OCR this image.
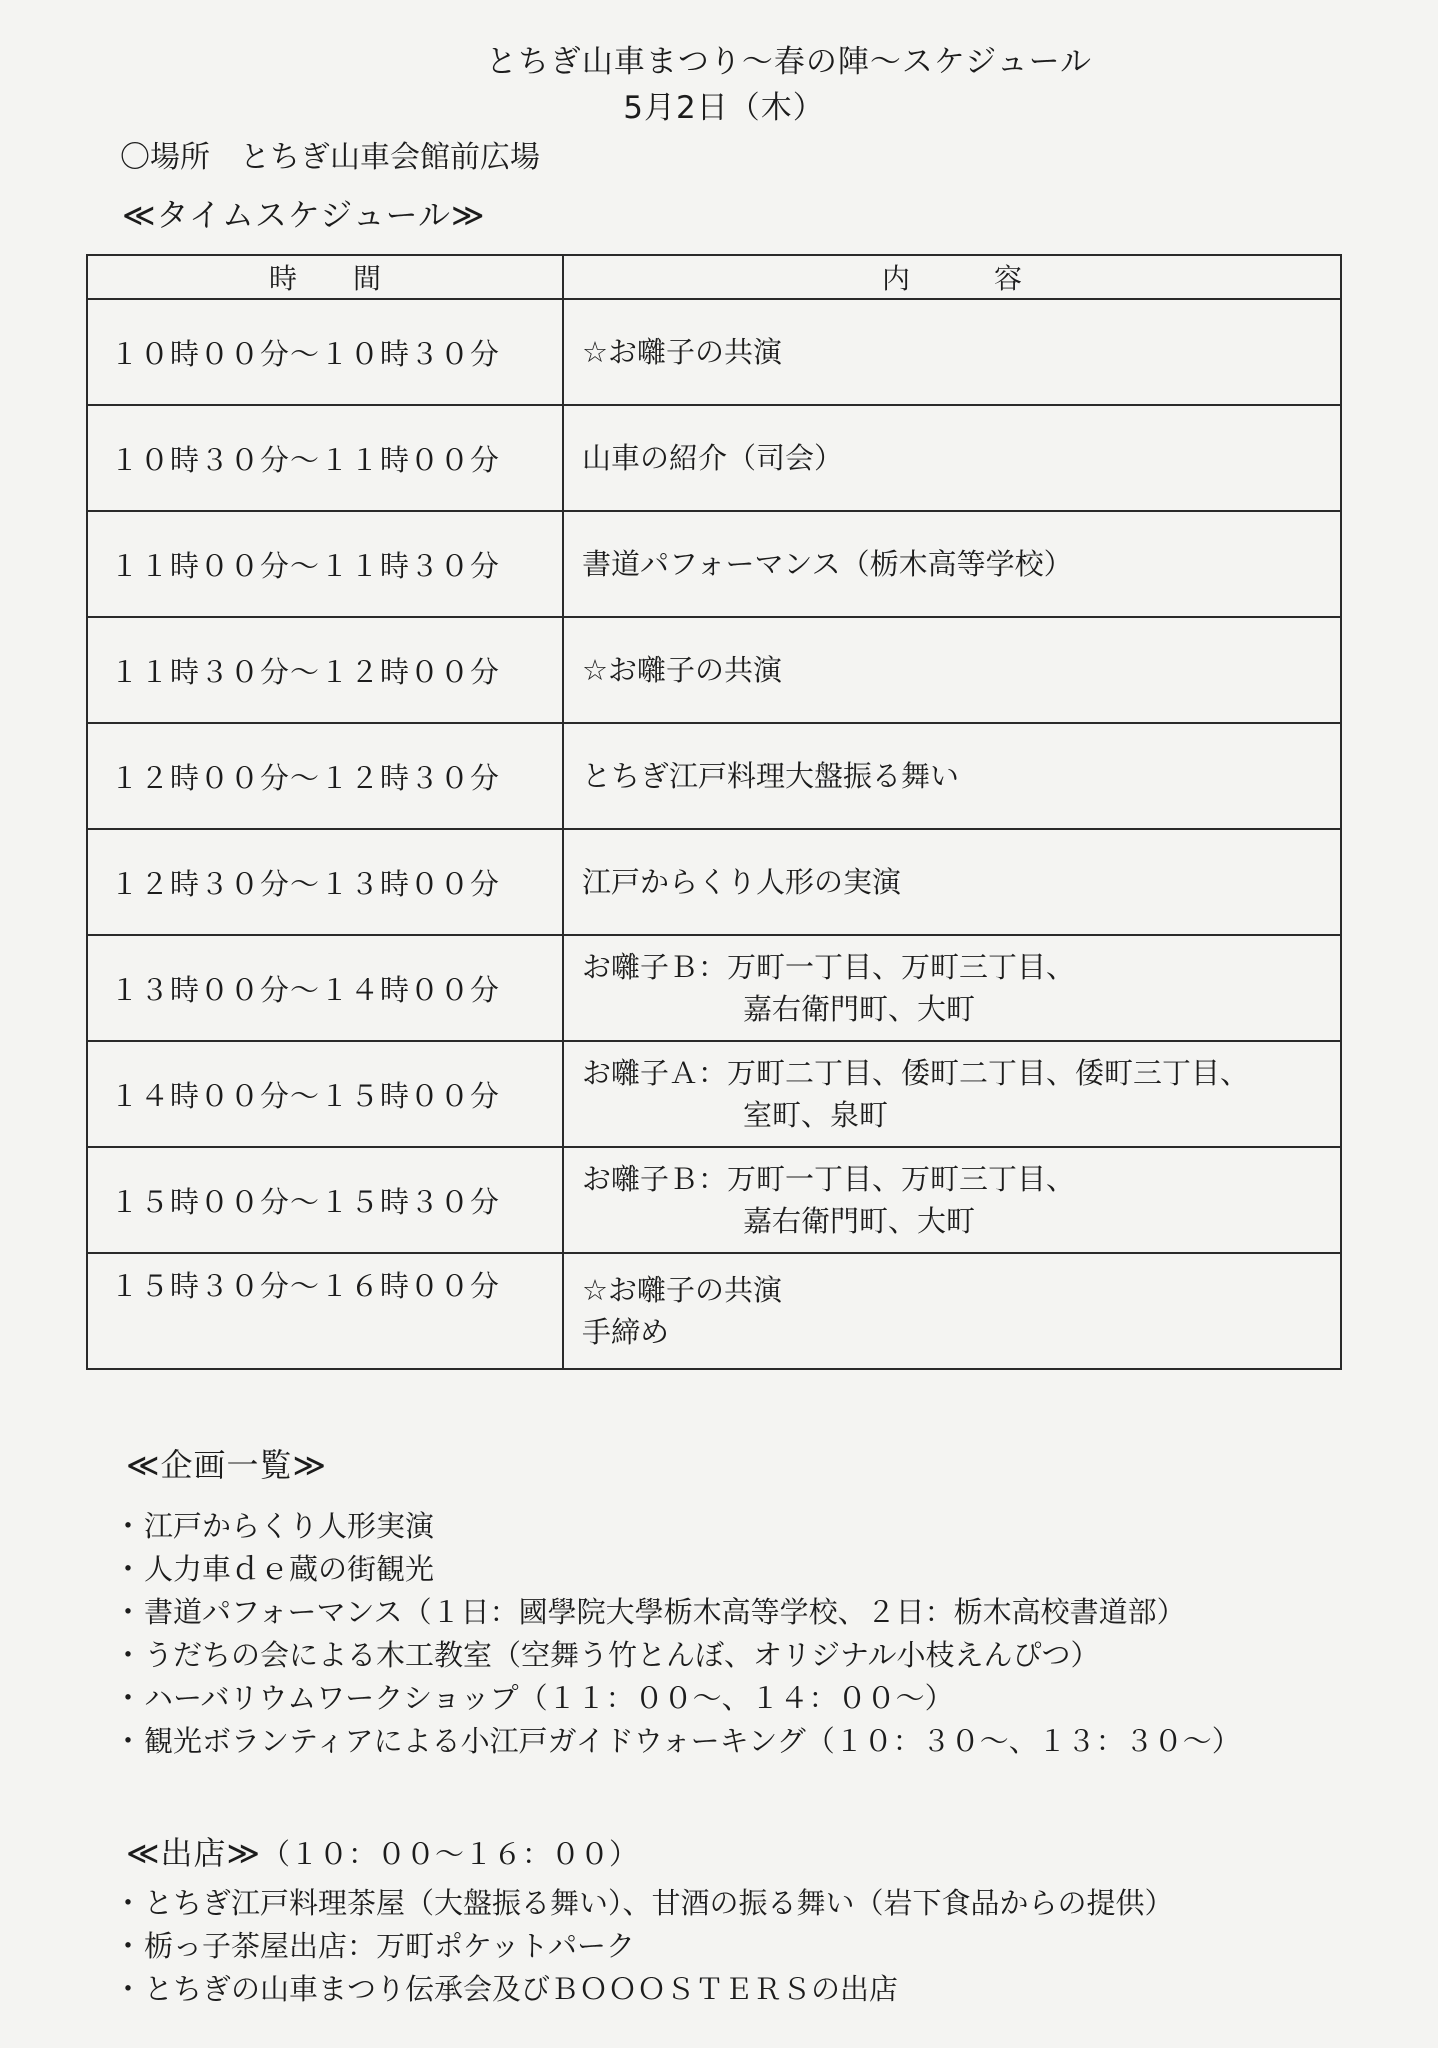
とちぎ山車まつり〜春の陣〜スケジュール
5月2日（木）
〇場所　とちぎ山車会館前広場
≪タイムスケジュール≫
時　　間	内　　　容
１０時００分〜１０時３０分	☆お囃子の共演
１０時３０分〜１１時００分	山車の紹介（司会）
１１時００分〜１１時３０分	書道パフォーマンス（栃木高等学校）
１１時３０分〜１２時００分	☆お囃子の共演
１２時００分〜１２時３０分	とちぎ江戸料理大盤振る舞い
１２時３０分〜１３時００分	江戸からくり人形の実演
１３時００分〜１４時００分	お囃子Ｂ：万町一丁目、万町三丁目、
嘉右衛門町、大町

１４時００分〜１５時００分	お囃子Ａ：万町二丁目、倭町二丁目、倭町三丁目、
室町、泉町

１５時００分〜１５時３０分	お囃子Ｂ：万町一丁目、万町三丁目、
嘉右衛門町、大町

１５時３０分〜１６時００分	☆お囃子の共演
手締め
≪企画一覧≫
・ 江戸からくり人形実演
・ 人力車ｄｅ蔵の街観光
・ 書道パフォーマンス（１日：國學院大學栃木高等学校、２日：栃木高校書道部）
・ うだちの会による木工教室（空舞う竹とんぼ、オリジナル小枝えんぴつ）
・ ハーバリウムワークショップ（１１：００〜、１４：００〜）
・ 観光ボランティアによる小江戸ガイドウォーキング（１０：３０〜、１３：３０〜）
≪出店≫（１０：００〜１６：００）
・ とちぎ江戸料理茶屋（大盤振る舞い）、甘酒の振る舞い（岩下食品からの提供）
・ 栃っ子茶屋出店：万町ポケットパーク
・ とちぎの山車まつり伝承会及びＢＯＯＯＳＴＥＲＳの出店
